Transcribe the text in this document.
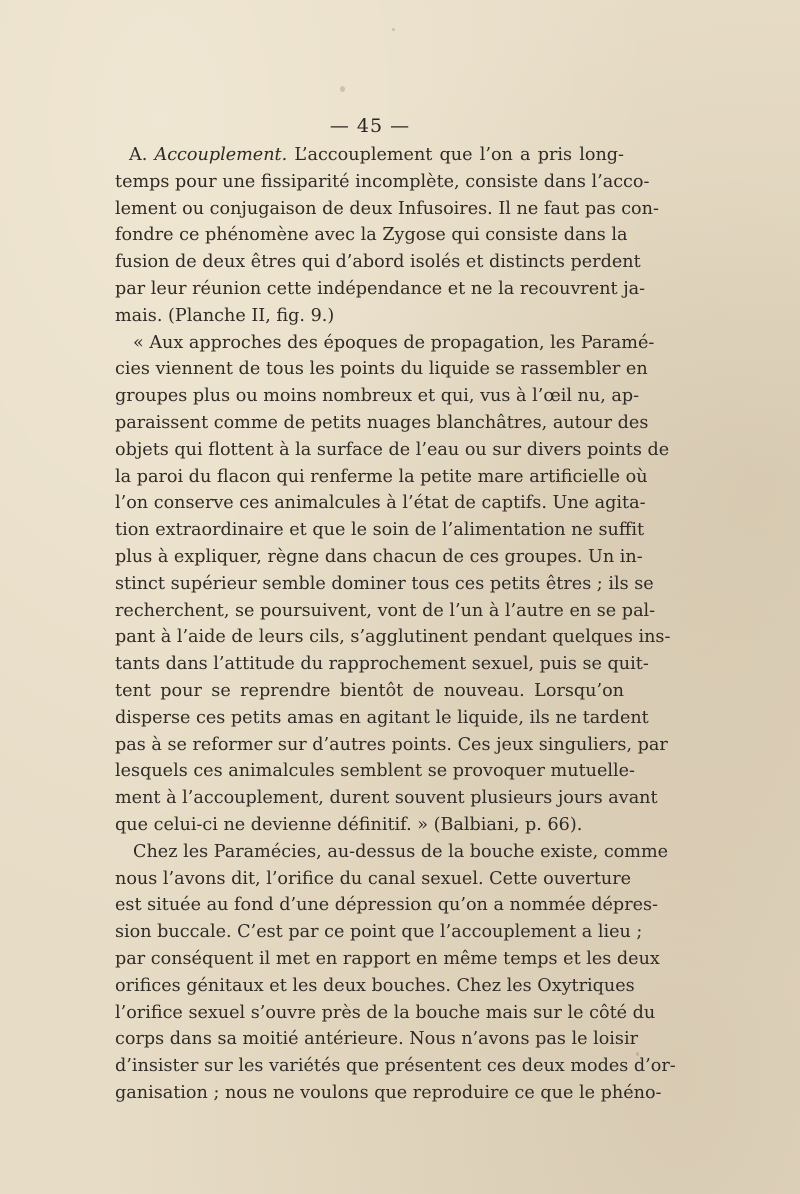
— 45 —
A. Accouplement. L’accouplement que l’on a pris long-
temps pour une fissiparité incomplète, consiste dans l’acco-
lement ou conjugaison de deux Infusoires. Il ne faut pas con-
fondre ce phénomène avec la Zygose qui consiste dans la
fusion de deux êtres qui d’abord isolés et distincts perdent
par leur réunion cette indépendance et ne la recouvrent ja-
mais. (Planche II, fig. 9.)
« Aux approches des époques de propagation, les Paramé-
cies viennent de tous les points du liquide se rassembler en
groupes plus ou moins nombreux et qui, vus à l’œil nu, ap-
paraissent comme de petits nuages blanchâtres, autour des
objets qui flottent à la surface de l’eau ou sur divers points de
la paroi du flacon qui renferme la petite mare artificielle où
l’on conserve ces animalcules à l’état de captifs. Une agita-
tion extraordinaire et que le soin de l’alimentation ne suffit
plus à expliquer, règne dans chacun de ces groupes. Un in-
stinct supérieur semble dominer tous ces petits êtres ; ils se
recherchent, se poursuivent, vont de l’un à l’autre en se pal-
pant à l’aide de leurs cils, s’agglutinent pendant quelques ins-
tants dans l’attitude du rapprochement sexuel, puis se quit-
tent pour se reprendre bientôt de nouveau. Lorsqu’on
disperse ces petits amas en agitant le liquide, ils ne tardent
pas à se reformer sur d’autres points. Ces jeux singuliers, par
lesquels ces animalcules semblent se provoquer mutuelle-
ment à l’accouplement, durent souvent plusieurs jours avant
que celui-ci ne devienne définitif. » (Balbiani, p. 66).
Chez les Paramécies, au-dessus de la bouche existe, comme
nous l’avons dit, l’orifice du canal sexuel. Cette ouverture
est située au fond d’une dépression qu’on a nommée dépres-
sion buccale. C’est par ce point que l’accouplement a lieu ;
par conséquent il met en rapport en même temps et les deux
orifices génitaux et les deux bouches. Chez les Oxytriques
l’orifice sexuel s’ouvre près de la bouche mais sur le côté du
corps dans sa moitié antérieure. Nous n’avons pas le loisir
d’insister sur les variétés que présentent ces deux modes d’or-
ganisation ; nous ne voulons que reproduire ce que le phéno-
